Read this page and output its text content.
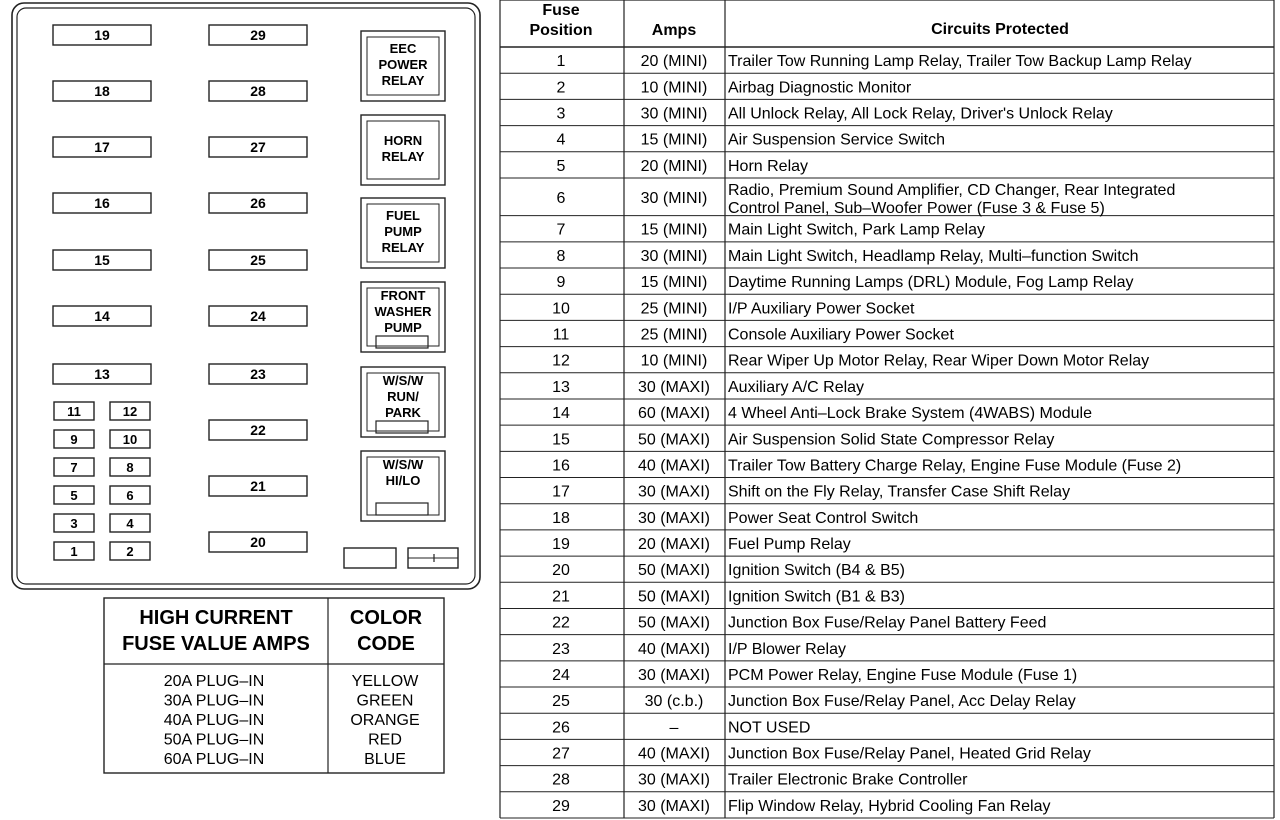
19
18
17
16
15
14
13
29
28
27
26
25
24
23
22
21
20
11	12
9	10
7	8
5	6
3	4
1	2
EEC
POWER
RELAY
HORN
RELAY
FUEL
PUMP
RELAY
FRONT
WASHER
PUMP
W/S/W
RUN/
PARK
W/S/W
HI/LO
HIGH CURRENT
FUSE VALUE AMPS
COLOR
CODE
20A PLUG–IN	YELLOW
30A PLUG–IN	GREEN
40A PLUG–IN	ORANGE
50A PLUG–IN	RED
60A PLUG–IN	BLUE
Fuse
Position	Amps	Circuits Protected
1	20 (MINI) Trailer Tow Running Lamp Relay, Trailer Tow Backup Lamp Relay
2	10 (MINI) Airbag Diagnostic Monitor
3	30 (MINI) All Unlock Relay, All Lock Relay, Driver's Unlock Relay
4	15 (MINI) Air Suspension Service Switch
5	20 (MINI) Horn Relay
6	30 (MINI) Radio, Premium Sound Amplifier, CD Changer, Rear Integrated
Control Panel, Sub–Woofer Power (Fuse 3 & Fuse 5)
7	15 (MINI) Main Light Switch, Park Lamp Relay
8	30 (MINI) Main Light Switch, Headlamp Relay, Multi–function Switch
9	15 (MINI) Daytime Running Lamps (DRL) Module, Fog Lamp Relay
10	25 (MINI) I/P Auxiliary Power Socket
11	25 (MINI) Console Auxiliary Power Socket
12	10 (MINI) Rear Wiper Up Motor Relay, Rear Wiper Down Motor Relay
13	30 (MAXI) Auxiliary A/C Relay
14	60 (MAXI) 4 Wheel Anti–Lock Brake System (4WABS) Module
15	50 (MAXI) Air Suspension Solid State Compressor Relay
16	40 (MAXI) Trailer Tow Battery Charge Relay, Engine Fuse Module (Fuse 2)
17	30 (MAXI) Shift on the Fly Relay, Transfer Case Shift Relay
18	30 (MAXI) Power Seat Control Switch
19	20 (MAXI) Fuel Pump Relay
20	50 (MAXI) Ignition Switch (B4 & B5)
21	50 (MAXI) Ignition Switch (B1 & B3)
22	50 (MAXI) Junction Box Fuse/Relay Panel Battery Feed
23	40 (MAXI) I/P Blower Relay
24	30 (MAXI) PCM Power Relay, Engine Fuse Module (Fuse 1)
25	30 (c.b.) Junction Box Fuse/Relay Panel, Acc Delay Relay
26	–	NOT USED
27	40 (MAXI) Junction Box Fuse/Relay Panel, Heated Grid Relay
28	30 (MAXI) Trailer Electronic Brake Controller
29	30 (MAXI) Flip Window Relay, Hybrid Cooling Fan Relay
